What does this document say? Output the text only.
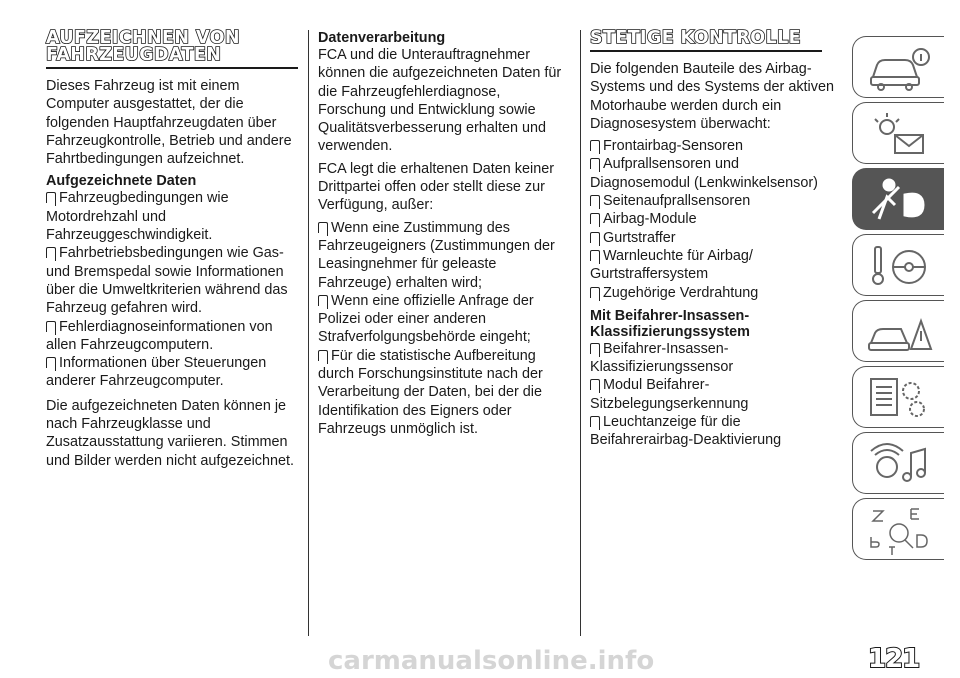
AUFZEICHNEN VON FAHRZEUGDATEN

Dieses Fahrzeug ist mit einem Computer ausgestattet, der die folgenden Hauptfahrzeugdaten über Fahrzeugkontrolle, Betrieb und andere Fahrtbedingungen aufzeichnet.

Aufgezeichnete Daten
Fahrzeugbedingungen wie Motordrehzahl und Fahrzeuggeschwindigkeit.
Fahrbetriebsbedingungen wie Gas- und Bremspedal sowie Informationen über die Umweltkriterien während das Fahrzeug gefahren wird.
Fehlerdiagnoseinformationen von allen Fahrzeugcomputern.
Informationen über Steuerungen anderer Fahrzeugcomputer.

Die aufgezeichneten Daten können je nach Fahrzeugklasse und Zusatzausstattung variieren. Stimmen und Bilder werden nicht aufgezeichnet.

Datenverarbeitung

FCA und die Unterauftragnehmer können die aufgezeichneten Daten für die Fahrzeugfehlerdiagnose, Forschung und Entwicklung sowie Qualitätsverbesserung erhalten und verwenden.

FCA legt die erhaltenen Daten keiner Drittpartei offen oder stellt diese zur Verfügung, außer:

Wenn eine Zustimmung des Fahrzeugeigners (Zustimmungen der Leasingnehmer für geleaste Fahrzeuge) erhalten wird;
Wenn eine offizielle Anfrage der Polizei oder einer anderen Strafverfolgungsbehörde eingeht;
Für die statistische Aufbereitung durch Forschungsinstitute nach der Verarbeitung der Daten, bei der die Identifikation des Eigners oder Fahrzeugs unmöglich ist.
STETIGE KONTROLLE

Die folgenden Bauteile des Airbag-Systems und des Systems der aktiven Motorhaube werden durch ein Diagnosesystem überwacht:

Frontairbag-Sensoren
Aufprallsensoren und Diagnosemodul (Lenkwinkelsensor)
Seitenaufprallsensoren
Airbag-Module
Gurtstraffer
Warnleuchte für Airbag/ Gurtstraffersystem
Zugehörige Verdrahtung
Mit Beifahrer-Insassen-Klassifizierungssystem
Beifahrer-Insassen-Klassifizierungssensor
Modul Beifahrer-Sitzbelegungserkennung
Leuchtanzeige für die Beifahrerairbag-Deaktivierung
121
carmanualsonline.info
